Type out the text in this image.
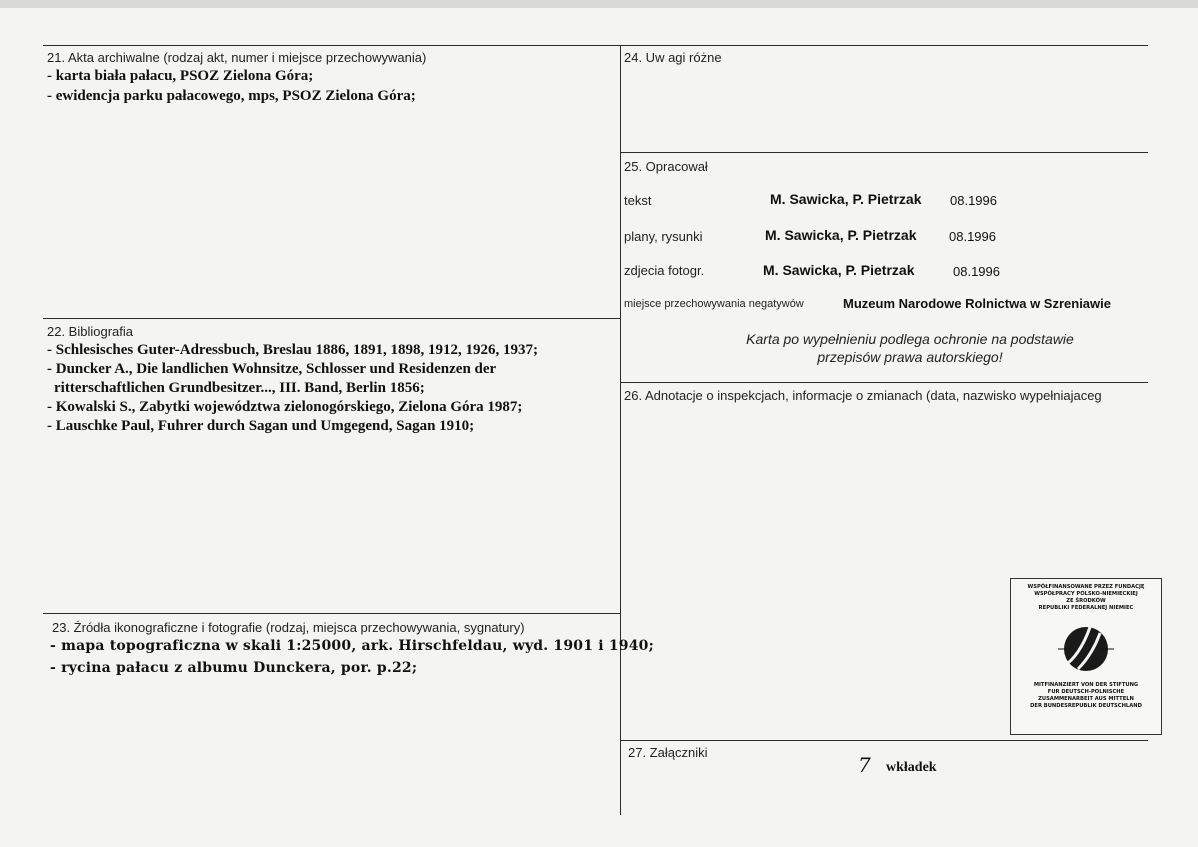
21. Akta archiwalne (rodzaj akt, numer i miejsce przechowywania)
- karta biała pałacu, PSOZ Zielona Góra;
- ewidencja parku pałacowego, mps, PSOZ Zielona Góra;
22. Bibliografia
- Schlesisches Guter-Adressbuch, Breslau 1886, 1891, 1898, 1912, 1926, 1937;
- Duncker A., Die landlichen Wohnsitze, Schlosser und Residenzen der
ritterschaftlichen Grundbesitzer..., III. Band, Berlin 1856;
- Kowalski S., Zabytki województwa zielonogórskiego, Zielona Góra 1987;
- Lauschke Paul, Fuhrer durch Sagan und Umgegend, Sagan 1910;
23. Źródła ikonograficzne i fotografie (rodzaj, miejsca przechowywania, sygnatury)
- mapa topograficzna w skali 1:25000, ark. Hirschfeldau, wyd. 1901 i 1940;
- rycina pałacu z albumu Dunckera, por. p.22;
24. Uw agi różne
25. Opracował
tekst	M. Sawicka, P. Pietrzak 08.1996
plany, rysunki	M. Sawicka, P. Pietrzak	08.1996
zdjecia fotogr.	M. Sawicka, P. Pietrzak	08.1996
miejsce przechowywania negatywów	Muzeum Narodowe Rolnictwa w Szreniawie
Karta po wypełnieniu podlega ochronie na podstawie
przepisów prawa autorskiego!
26. Adnotacje o inspekcjach, informacje o zmianach (data, nazwisko wypełniajaceg
WSPÓŁFINANSOWANE PRZEZ FUNDACJĘ
WSPÓŁPRACY POLSKO-NIEMIECKIEJ
ZE ŚRODKÓW
REPUBLIKI FEDERALNEJ NIEMIEC
MITFINANZIERT VON DER STIFTUNG
FUR DEUTSCH-POLNISCHE
ZUSAMMENARBEIT AUS MITTELN
DER BUNDESREPUBLIK DEUTSCHLAND
27. Załączniki
7 wkładek
